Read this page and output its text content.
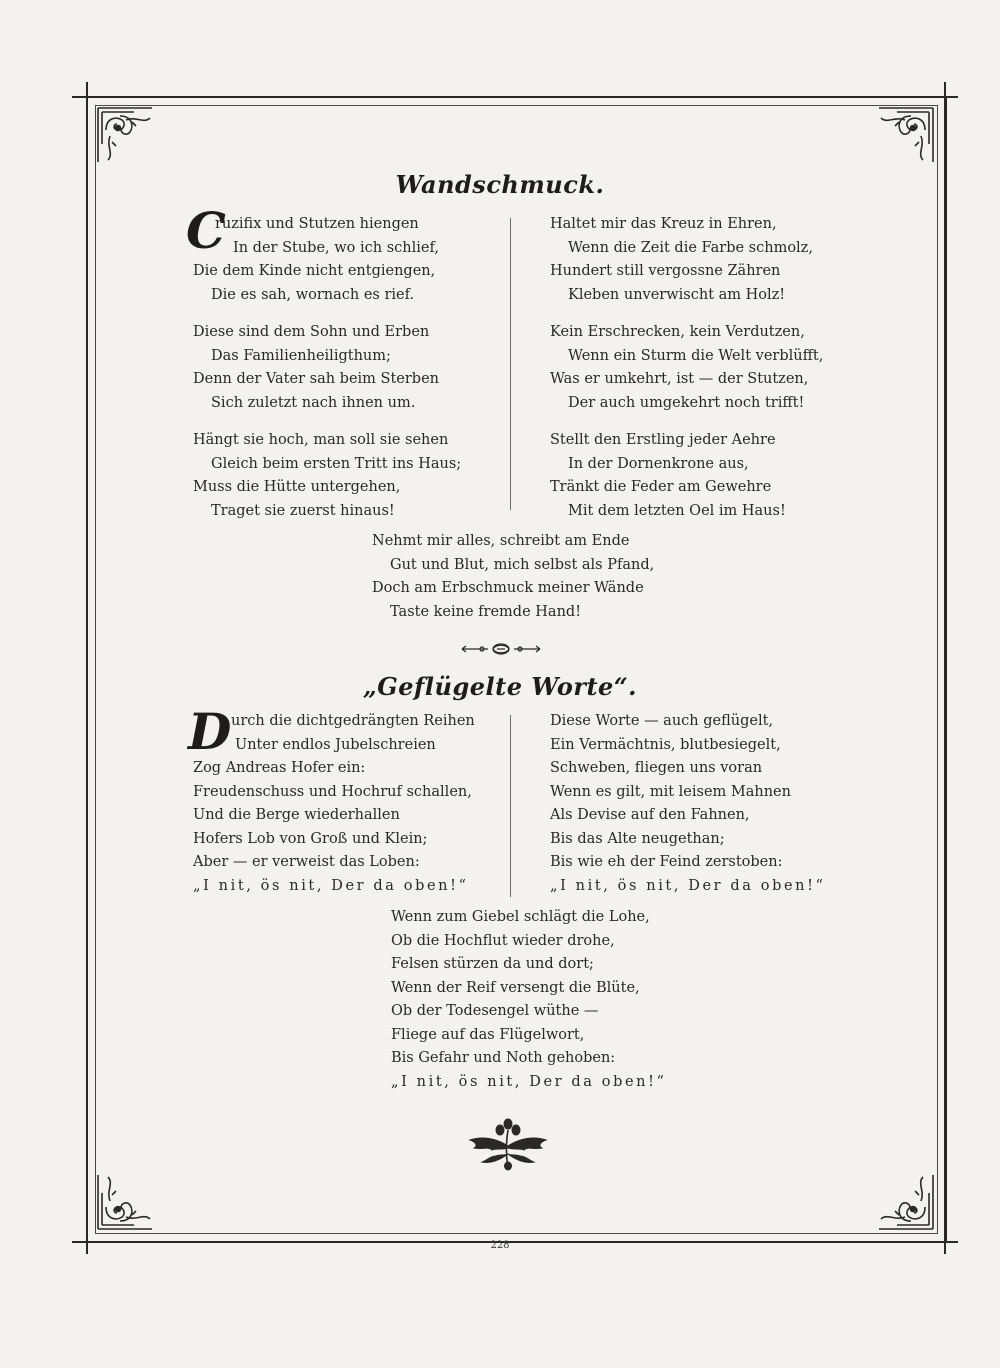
Wandschmuck.
C
ruzifix und Stutzen hiengen
In der Stube, wo ich schlief,
Die dem Kinde nicht entgiengen,
Die es sah, wornach es rief.
Diese sind dem Sohn und Erben
Das Familienheiligthum;
Denn der Vater sah beim Sterben
Sich zuletzt nach ihnen um.
Hängt sie hoch, man soll sie sehen
Gleich beim ersten Tritt ins Haus;
Muss die Hütte untergehen,
Traget sie zuerst hinaus!
Haltet mir das Kreuz in Ehren,
Wenn die Zeit die Farbe schmolz,
Hundert still vergossne Zähren
Kleben unverwischt am Holz!
Kein Erschrecken, kein Verdutzen,
Wenn ein Sturm die Welt verblüfft,
Was er umkehrt, ist — der Stutzen,
Der auch umgekehrt noch trifft!
Stellt den Erstling jeder Aehre
In der Dornenkrone aus,
Tränkt die Feder am Gewehre
Mit dem letzten Oel im Haus!
Nehmt mir alles, schreibt am Ende
Gut und Blut, mich selbst als Pfand,
Doch am Erbschmuck meiner Wände
Taste keine fremde Hand!
„Geflügelte Worte“.
D urch die dichtgedrängten Reihen
Unter endlos Jubelschreien
Zog Andreas Hofer ein:
Freudenschuss und Hochruf schallen,
Und die Berge wiederhallen
Hofers Lob von Groß und Klein;
Aber — er verweist das Loben:
„I nit, ös nit, Der da oben!“
Diese Worte — auch geflügelt,
Ein Vermächtnis, blutbesiegelt,
Schweben, fliegen uns voran
Wenn es gilt, mit leisem Mahnen
Als Devise auf den Fahnen,
Bis das Alte neugethan;
Bis wie eh der Feind zerstoben:
„I nit, ös nit, Der da oben!“
Wenn zum Giebel schlägt die Lohe,
Ob die Hochflut wieder drohe,
Felsen stürzen da und dort;
Wenn der Reif versengt die Blüte,
Ob der Todesengel wüthe —
Fliege auf das Flügelwort,
Bis Gefahr und Noth gehoben:
„I nit, ös nit, Der da oben!“
228
